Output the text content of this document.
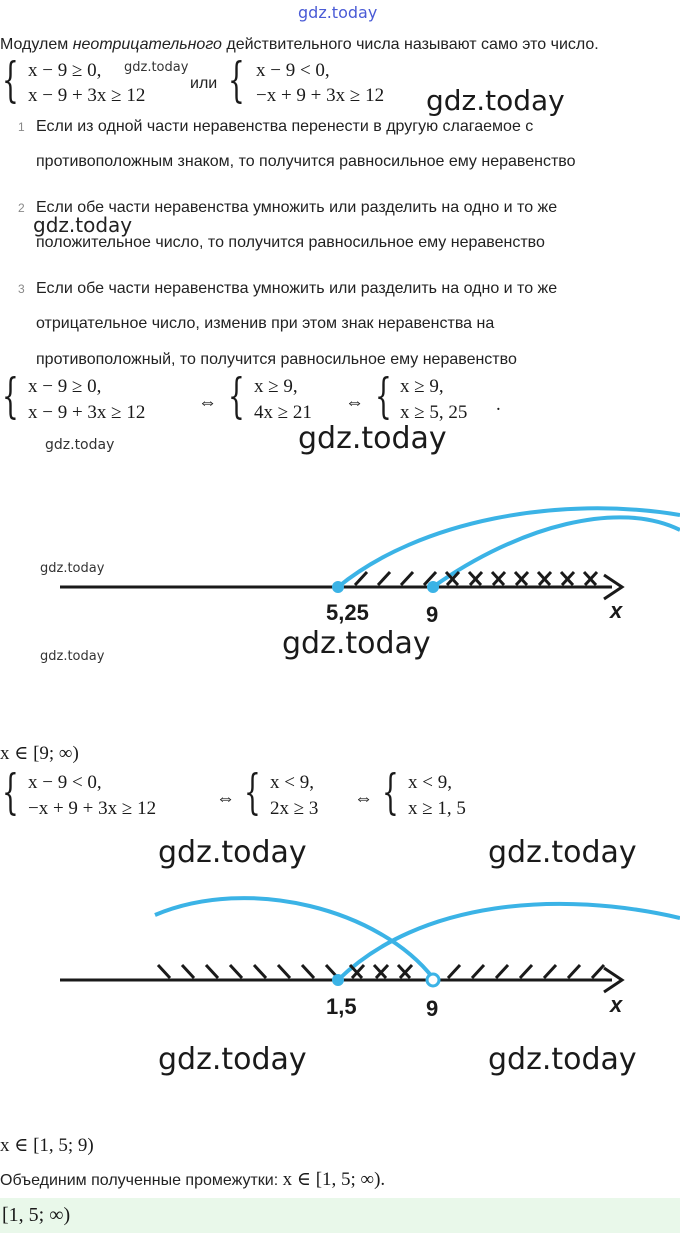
gdz.today
Модулем неотрицательного действительного числа называют само это число.
{ x − 9 ≥ 0,
x − 9 + 3x ≥ 12
gdz.today
или { x − 9 < 0,
−x + 9 + 3x ≥ 12 gdz.today
1 Если из одной части неравенства перенести в другую слагаемое с
противоположным знаком, то получится равносильное ему неравенство
2 Если обе части неравенства умножить или разделить на одно и то же
gdz.today
положительное число, то получится равносильное ему неравенство
3 Если обе части неравенства умножить или разделить на одно и то же
отрицательное число, изменив при этом знак неравенства на
противоположный, то получится равносильное ему неравенство
{ x − 9 ≥ 0,
x − 9 + 3x ≥ 12	⇔ { x ≥ 9,
4x ≥ 21 ⇔ { x ≥ 9,
x ≥ 5, 25 .
gdz.today	gdz.today
5,25	9	x
gdz.today
gdz.today
gdz.today
x ∈ [9; ∞)
{ x − 9 < 0,
−x + 9 + 3x ≥ 12	⇔ { x < 9,
2x ≥ 3 ⇔ { x < 9,
x ≥ 1, 5
gdz.today	gdz.today
1,5	9	x
gdz.today	gdz.today
x ∈ [1, 5; 9)
Объединим полученные промежутки: x ∈ [1, 5; ∞).
[1, 5; ∞)
